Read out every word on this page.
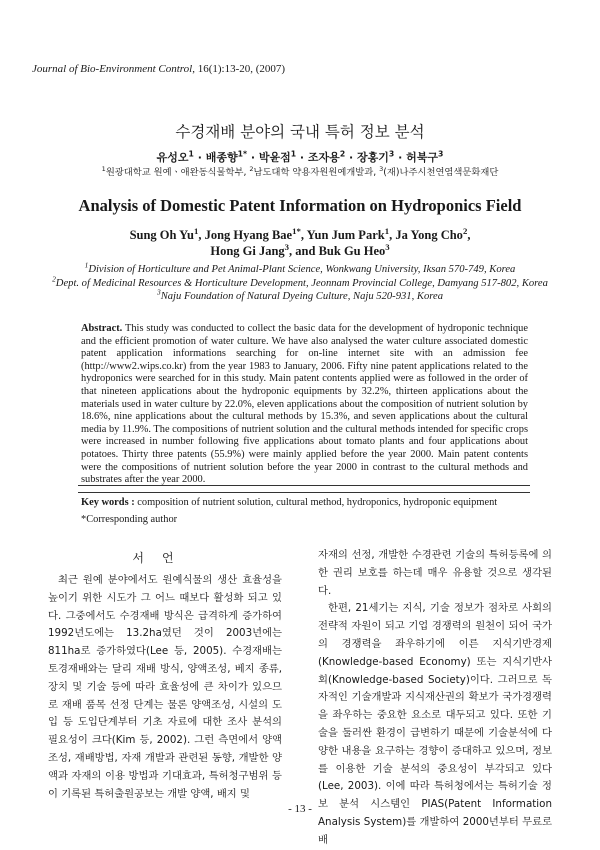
Journal of Bio-Environment Control, 16(1):13-20, (2007)
수경재배 분야의 국내 특허 정보 분석
유성오$^1$ · 배종향$^{1*}$ · 박윤점$^1$ · 조자용$^2$ · 장홍기$^3$ · 허북구$^3$
$^1$원광대학교 원예ㆍ애완동식물학부, $^2$남도대학 약용자원원예개발과, $^3$(재)나주시천연염색문화재단
Analysis of Domestic Patent Information on Hydroponics Field
Sung Oh Yu$^1$, Jong Hyang Bae$^{1*}$, Yun Jum Park$^1$, Ja Yong Cho$^2$,
Hong Gi Jang$^3$, and Buk Gu Heo$^3$
$^1$Division of Horticulture and Pet Animal-Plant Science, Wonkwang University, Iksan 570-749, Korea
$^2$Dept. of Medicinal Resources & Horticulture Development, Jeonnam Provincial College, Damyang 517-802, Korea
$^3$Naju Foundation of Natural Dyeing Culture, Naju 520-931, Korea
Abstract. This study was conducted to collect the basic data for the development of hydroponic technique and the efficient promotion of water culture. We have also analysed the water culture associated domestic patent application informations searching for on-line internet site with an admission fee (http://www2.wips.co.kr) from the year 1983 to January, 2006. Fifty nine patent applications related to the hydroponics were searched for in this study. Main patent contents applied were as followed in the order of that nineteen applications about the hydroponic equipments by 32.2%, thirteen applications about the materials used in water culture by 22.0%, eleven applications about the composition of nutrient solution by 18.6%, nine applications about the cultural methods by 15.3%, and seven applications about the cultural media by 11.9%. The compositions of nutrient solution and the cultural methods intended for specific crops were increased in number following five applications about tomato plants and four applications about potatoes. Thirty three patents (55.9%) were mainly applied before the year 2000. Main patent contents were the compositions of nutrient solution before the year 2000 in contrast to the cultural methods and substrates after the year 2000.
Key words : composition of nutrient solution, cultural method, hydroponics, hydroponic equipment
*Corresponding author
서언

최근 원예 분야에서도 원예식물의 생산 효율성을 높이기 위한 시도가 그 어느 때보다 활성화 되고 있다. 그중에서도 수경재배 방식은 급격하게 증가하여 1992년도에는 13.2ha였던 것이 2003년에는 811ha로 증가하였다(Lee 등, 2005). 수경재배는 토경재배와는 달리 재배 방식, 양액조성, 베지 종류, 장치 및 기술 등에 따라 효율성에 큰 차이가 있으므로 재배 품목 선정 단계는 물론 양액조성, 시설의 도입 등 도입단계부터 기초 자료에 대한 조사 분석의 필요성이 크다(Kim 등, 2002). 그런 측면에서 양액조성, 재배방법, 자재 개발과 관련된 동향, 개발한 양액과 자재의 이용 방법과 기대효과, 특허청구범위 등이 기록된 특허출원공보는 개발 양액, 배지 및

자재의 선정, 개발한 수경관련 기술의 특허등록에 의한 권리 보호를 하는데 매우 유용할 것으로 생각된다.

한편, 21세기는 지식, 기술 정보가 점차로 사회의 전략적 자원이 되고 기업 경쟁력의 원천이 되어 국가의 경쟁력을 좌우하기에 이른 지식기반경제(Knowledge-based Economy) 또는 지식기반사회(Knowledge-based Society)이다. 그러므로 독자적인 기술개발과 지식재산권의 확보가 국가경쟁력을 좌우하는 중요한 요소로 대두되고 있다. 또한 기술을 둘러싼 환경이 급변하기 때문에 기술분석에 다양한 내용을 요구하는 경향이 증대하고 있으며, 정보를 이용한 기술 분석의 중요성이 부각되고 있다(Lee, 2003). 이에 따라 특허청에서는 특허기술 정보 분석 시스템인 PIAS(Patent Information Analysis System)를 개발하여 2000년부터 무료로 배

- 13 -
